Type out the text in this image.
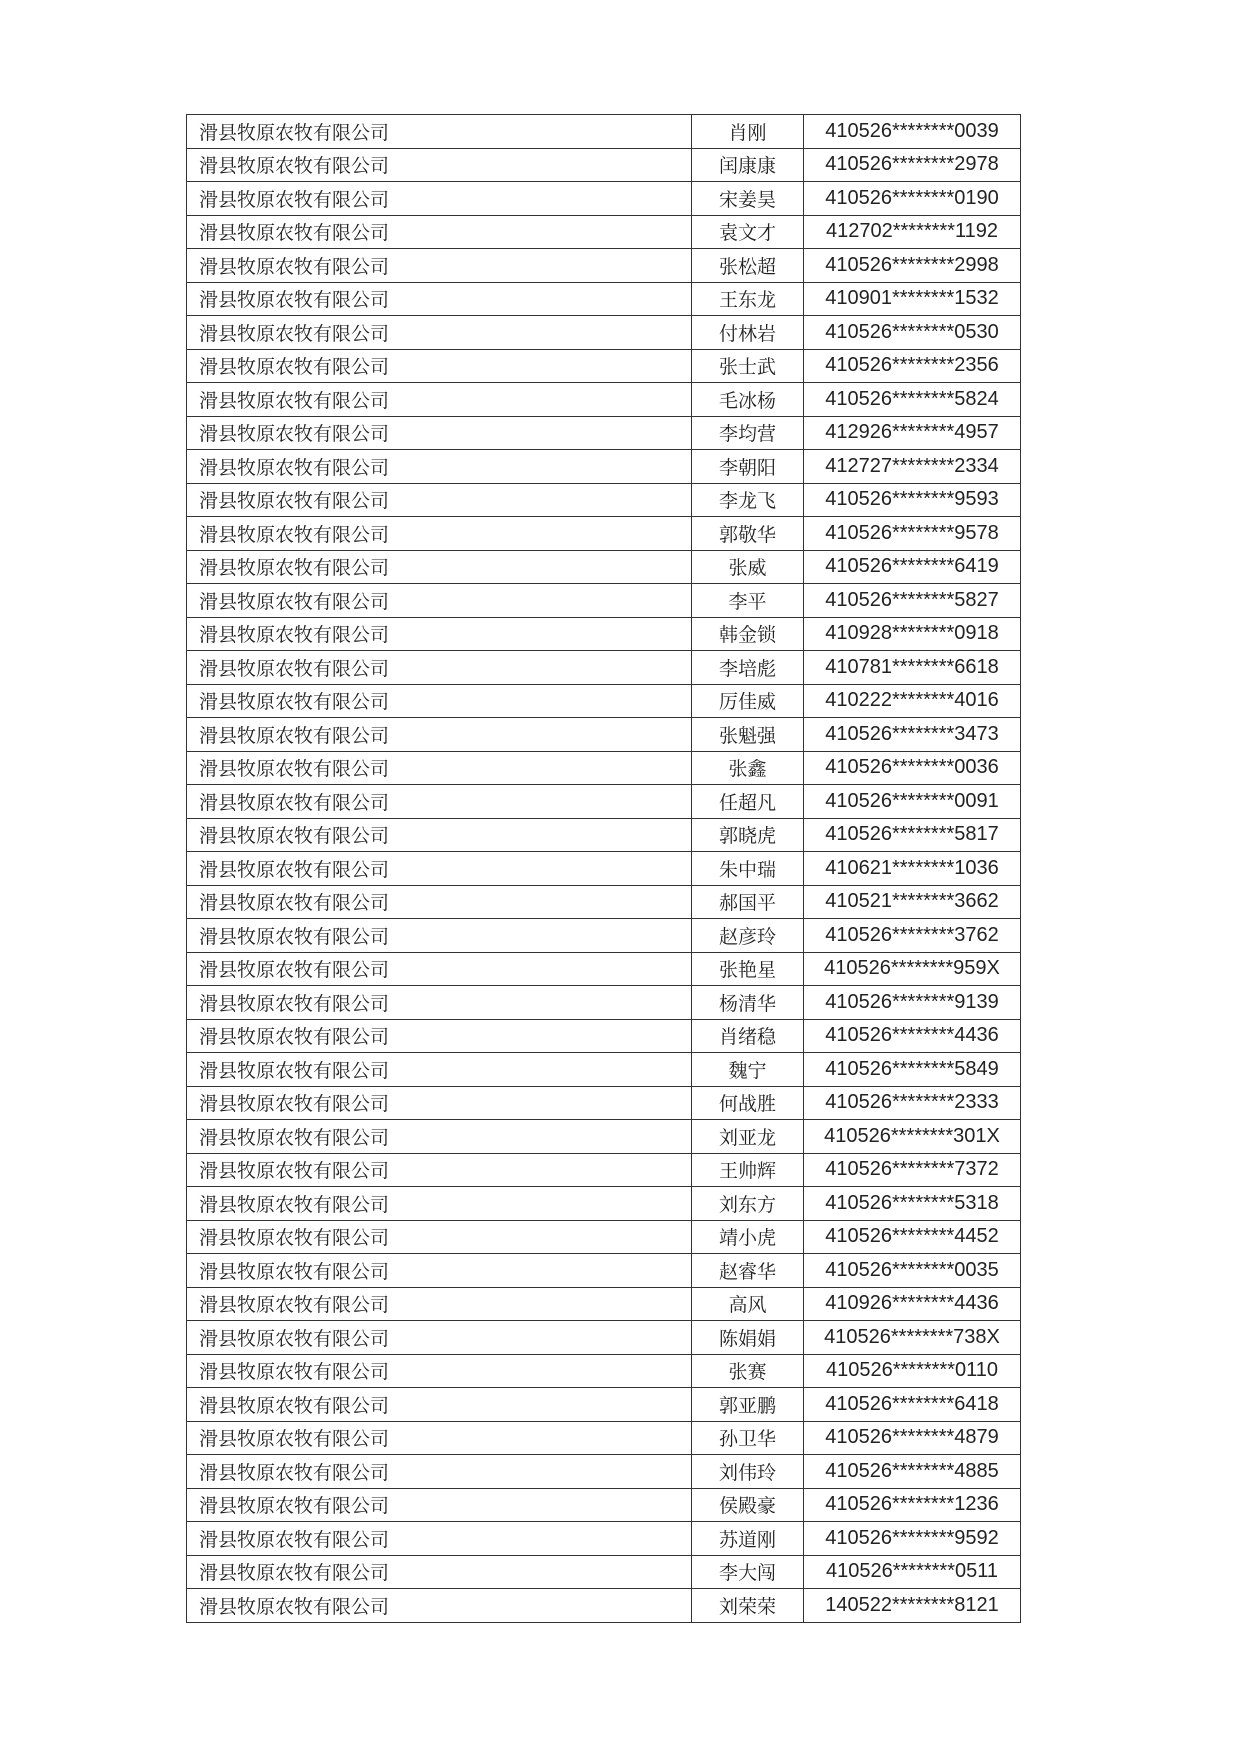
滑县牧原农牧有限公司	肖刚	410526********0039
滑县牧原农牧有限公司	闰康康	410526********2978
滑县牧原农牧有限公司	宋姜昊	410526********0190
滑县牧原农牧有限公司	袁文才	412702********1192
滑县牧原农牧有限公司	张松超	410526********2998
滑县牧原农牧有限公司	王东龙	410901********1532
滑县牧原农牧有限公司	付林岩	410526********0530
滑县牧原农牧有限公司	张士武	410526********2356
滑县牧原农牧有限公司	毛冰杨	410526********5824
滑县牧原农牧有限公司	李均营	412926********4957
滑县牧原农牧有限公司	李朝阳	412727********2334
滑县牧原农牧有限公司	李龙飞	410526********9593
滑县牧原农牧有限公司	郭敬华	410526********9578
滑县牧原农牧有限公司	张威	410526********6419
滑县牧原农牧有限公司	李平	410526********5827
滑县牧原农牧有限公司	韩金锁	410928********0918
滑县牧原农牧有限公司	李培彪	410781********6618
滑县牧原农牧有限公司	厉佳威	410222********4016
滑县牧原农牧有限公司	张魁强	410526********3473
滑县牧原农牧有限公司	张鑫	410526********0036
滑县牧原农牧有限公司	任超凡	410526********0091
滑县牧原农牧有限公司	郭晓虎	410526********5817
滑县牧原农牧有限公司	朱中瑞	410621********1036
滑县牧原农牧有限公司	郝国平	410521********3662
滑县牧原农牧有限公司	赵彦玲	410526********3762
滑县牧原农牧有限公司	张艳星	410526********959X
滑县牧原农牧有限公司	杨清华	410526********9139
滑县牧原农牧有限公司	肖绪稳	410526********4436
滑县牧原农牧有限公司	魏宁	410526********5849
滑县牧原农牧有限公司	何战胜	410526********2333
滑县牧原农牧有限公司	刘亚龙	410526********301X
滑县牧原农牧有限公司	王帅辉	410526********7372
滑县牧原农牧有限公司	刘东方	410526********5318
滑县牧原农牧有限公司	靖小虎	410526********4452
滑县牧原农牧有限公司	赵睿华	410526********0035
滑县牧原农牧有限公司	高风	410926********4436
滑县牧原农牧有限公司	陈娟娟	410526********738X
滑县牧原农牧有限公司	张赛	410526********0110
滑县牧原农牧有限公司	郭亚鹏	410526********6418
滑县牧原农牧有限公司	孙卫华	410526********4879
滑县牧原农牧有限公司	刘伟玲	410526********4885
滑县牧原农牧有限公司	侯殿豪	410526********1236
滑县牧原农牧有限公司	苏道刚	410526********9592
滑县牧原农牧有限公司	李大闯	410526********0511
滑县牧原农牧有限公司	刘荣荣	140522********8121
